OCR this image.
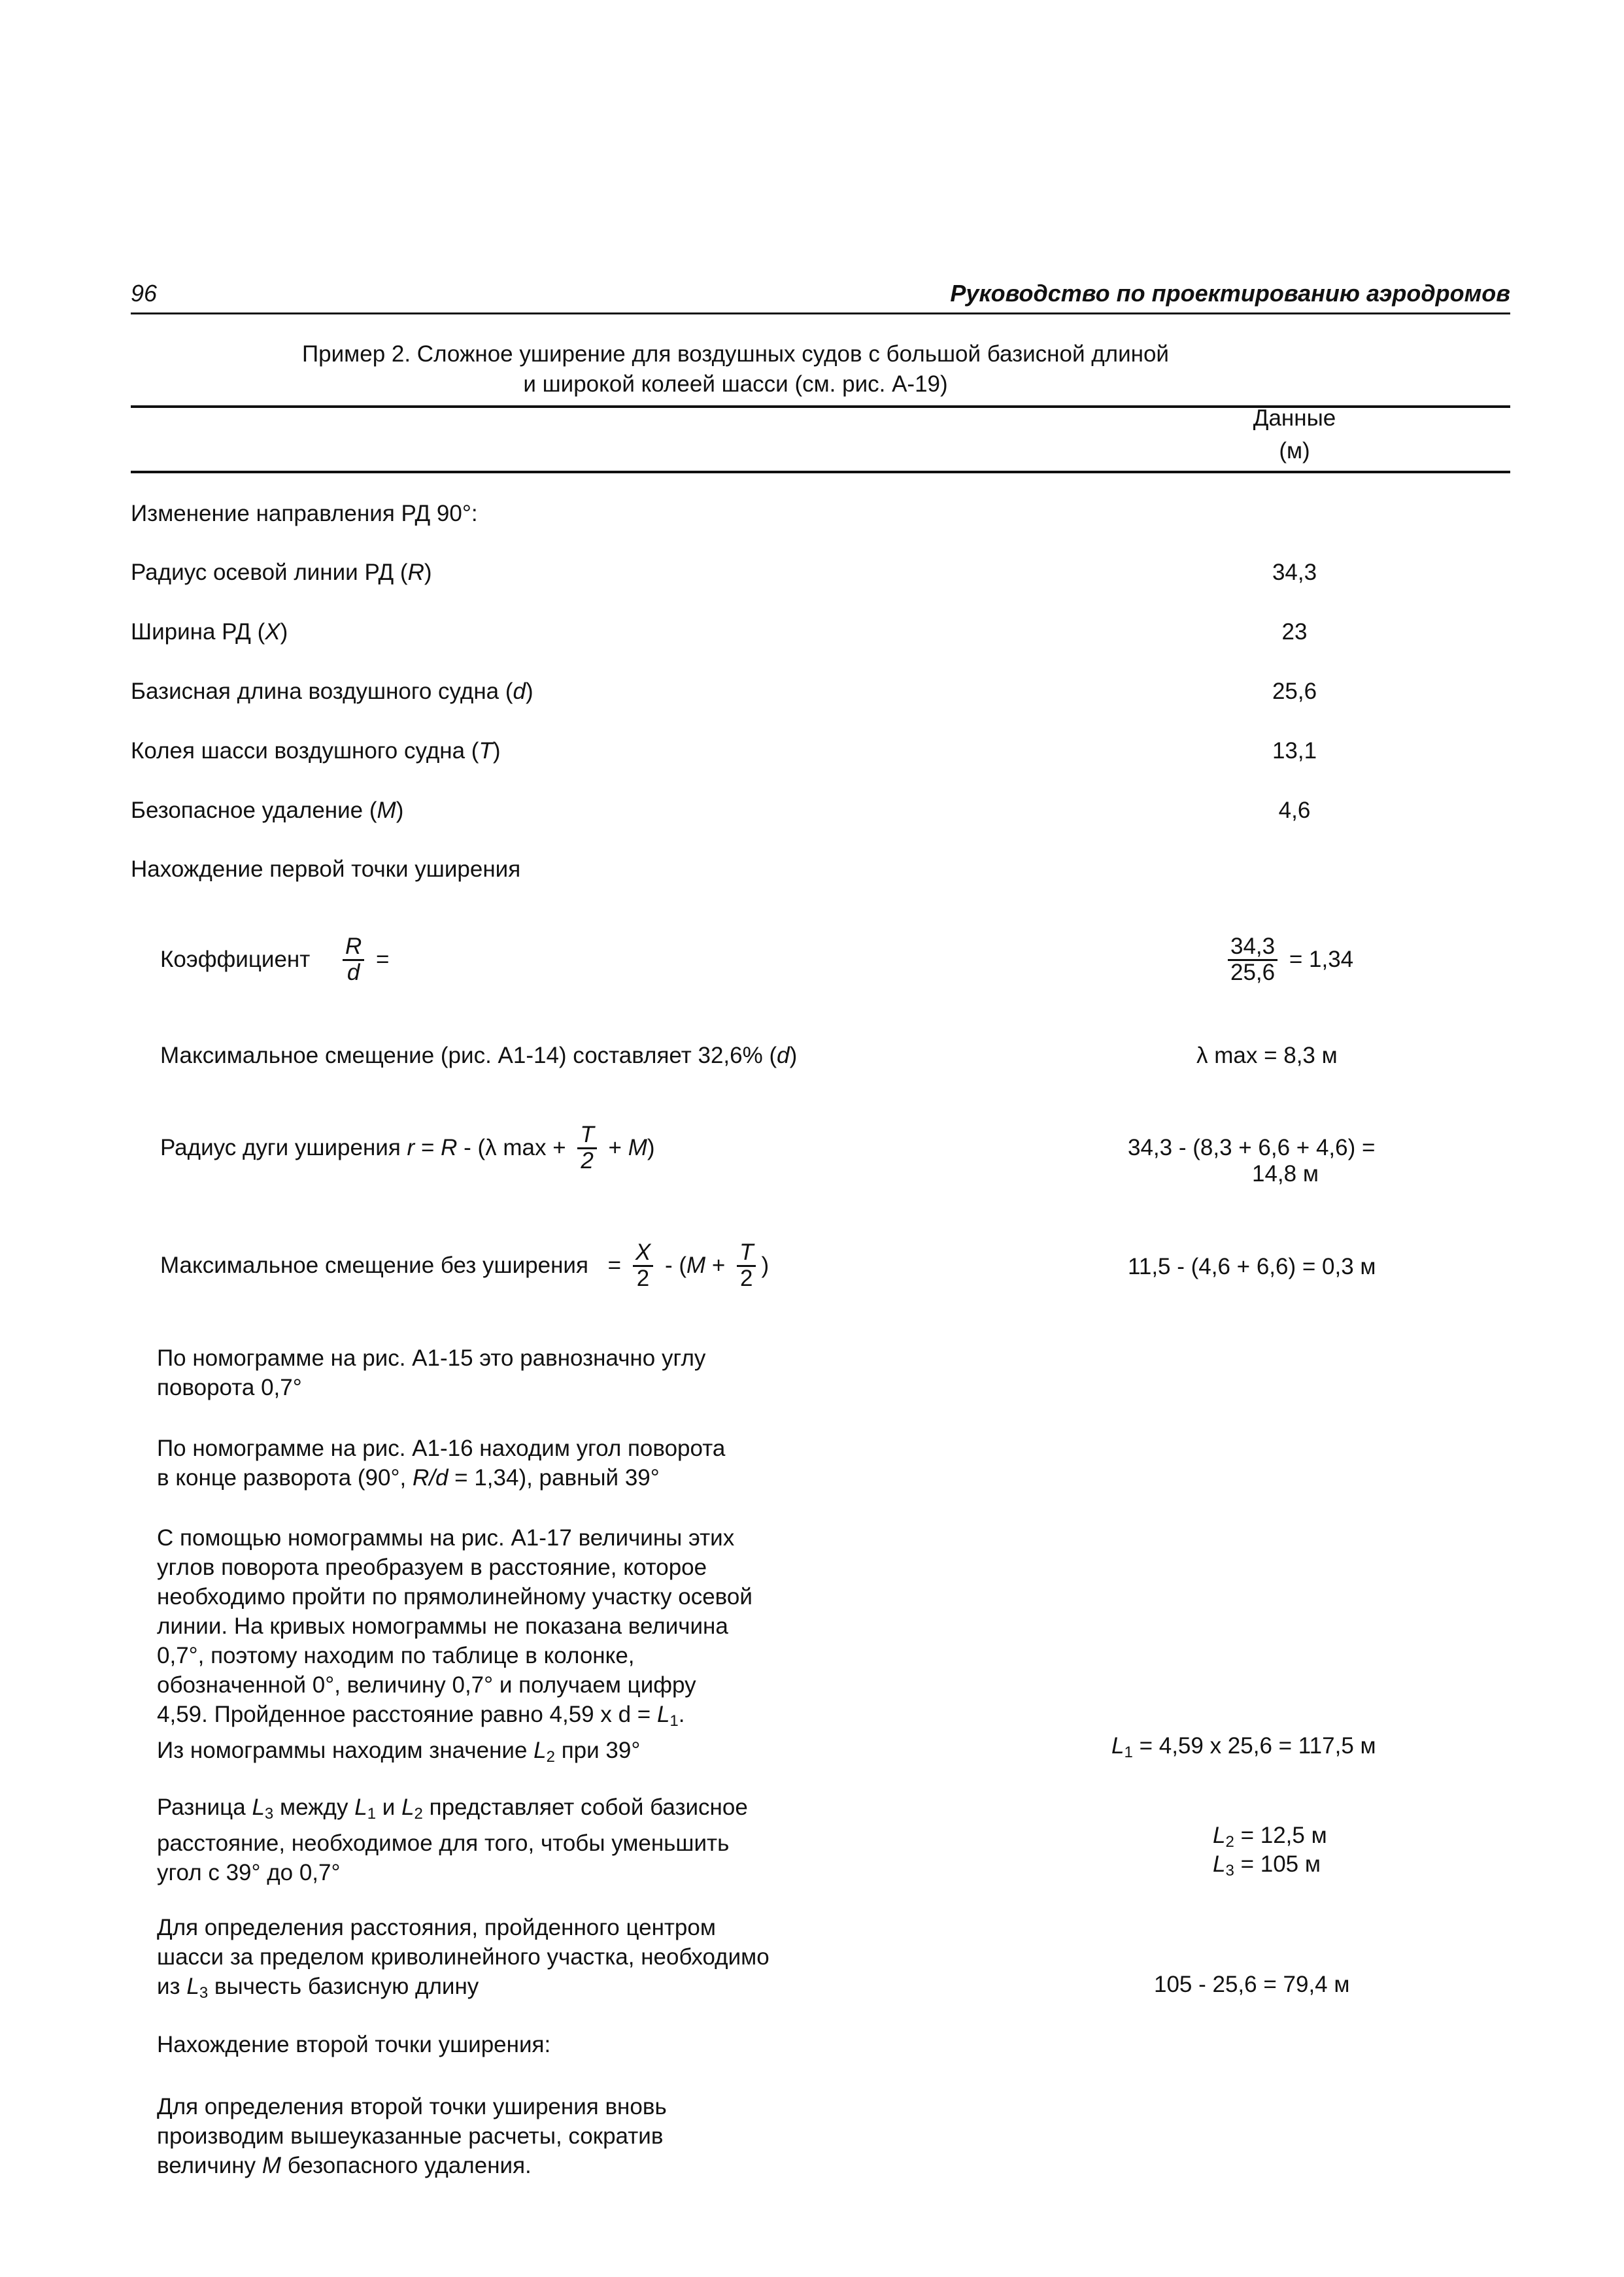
96	Руководство по проектированию аэродромов
Пример 2. Сложное уширение для воздушных судов с большой базисной длиной
и широкой колеей шасси (см. рис. А-19)
Данные
(м)
Изменение направления РД 90°:
Радиус осевой линии РД (R)	34,3
Ширина РД (X)	23
Базисная длина воздушного судна (d)	25,6
Колея шасси воздушного судна (T)	13,1
Безопасное удаление (M)	4,6
Нахождение первой точки уширения
Коэффициент $\frac{R}{d}$ =	$\frac{34,3}{25,6} = 1,34$
Максимальное смещение (рис. А1-14) составляет 32,6% (d)	λ max = 8,3 м
Радиус дуги уширения r = R - (λ $\max + \frac{T}{2} + M$)	34,3 - (8,3 + 6,6 + 4,6) =
14,8 м
Максимальное смещение без уширения = $\frac{X}{2} - (M + \frac{T}{2}$ )	11,5 - (4,6 + 6,6) = 0,3 м
По номограмме на рис. А1-15 это равнозначно углу
поворота 0,7°
По номограмме на рис. А1-16 находим угол поворота
в конце разворота (90°, R/d = 1,34), равный 39°
С помощью номограммы на рис. А1-17 величины этих
углов поворота преобразуем в расстояние, которое
необходимо пройти по прямолинейному участку осевой
линии. На кривых номограммы не показана величина
0,7°, поэтому находим по таблице в колонке,
обозначенной 0°, величину 0,7° и получаем цифру
4,59. Пройденное расстояние равно 4,59 x $d = L_1$.
Из номограммы находим значение $L_2$ при 39°	$L_1 = 4,59$ x 25,6 = 117,5 м
Разница $L_3$ между $L_1$ и $L_2$ представляет собой базисное
расстояние, необходимое для того, чтобы уменьшить
угол с 39° до 0,7°
$L_2 = 12,5$ м
$L_3 = 105$ м
Для определения расстояния, пройденного центром
шасси за пределом криволинейного участка, необходимо
из $L_3$ вычесть базисную длину	105 - 25,6 = 79,4 м
Нахождение второй точки уширения:
Для определения второй точки уширения вновь
производим вышеуказанные расчеты, сократив
величину M безопасного удаления.
